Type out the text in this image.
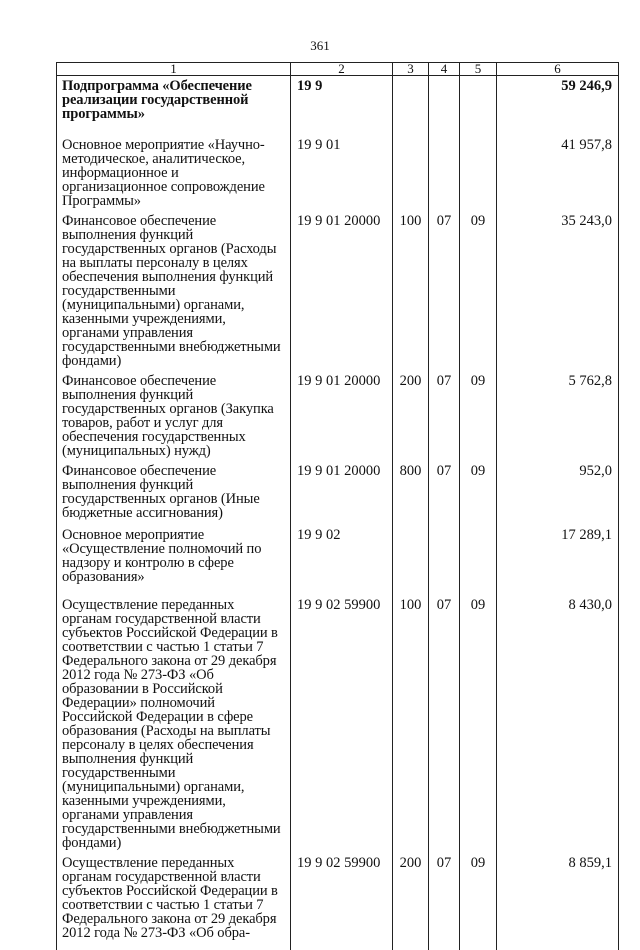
361
1	2	3	4	5	6
Подпрограмма «Обеспечение реализации государственной программы»	19 9				59 246,9
Основное мероприятие «Научно-методическое, аналитическое, информационное и организационное сопровождение Программы»	19 9 01				41 957,8
Финансовое обеспечение выполнения функций государственных органов (Расходы на выплаты персоналу в целях обеспечения выполнения функций государственными (муниципальными) органами, казенными учреждениями, органами управления государственными внебюджетными фондами)	19 9 01 20000	100	07	09	35 243,0
Финансовое обеспечение выполнения функций государственных органов (Закупка товаров, работ и услуг для обеспечения государственных (муниципальных) нужд)	19 9 01 20000	200	07	09	5 762,8
Финансовое обеспечение выполнения функций государственных органов (Иные бюджетные ассигнования)	19 9 01 20000	800	07	09	952,0
Основное мероприятие «Осуществление полномочий по надзору и контролю в сфере образования»	19 9 02				17 289,1
Осуществление переданных органам государственной власти субъектов Российской Федерации в соответствии с частью 1 статьи 7 Федерального закона от 29 декабря 2012 года № 273-ФЗ «Об образовании в Российской Федерации» полномочий Российской Федерации в сфере образования (Расходы на выплаты персоналу в целях обеспечения выполнения функций государственными (муниципальными) органами, казенными учреждениями, органами управления государственными внебюджетными фондами)	19 9 02 59900	100	07	09	8 430,0
Осуществление переданных органам государственной власти субъектов Российской Федерации в соответствии с частью 1 статьи 7 Федерального закона от 29 декабря 2012 года № 273-ФЗ «Об обра-	19 9 02 59900	200	07	09	8 859,1
